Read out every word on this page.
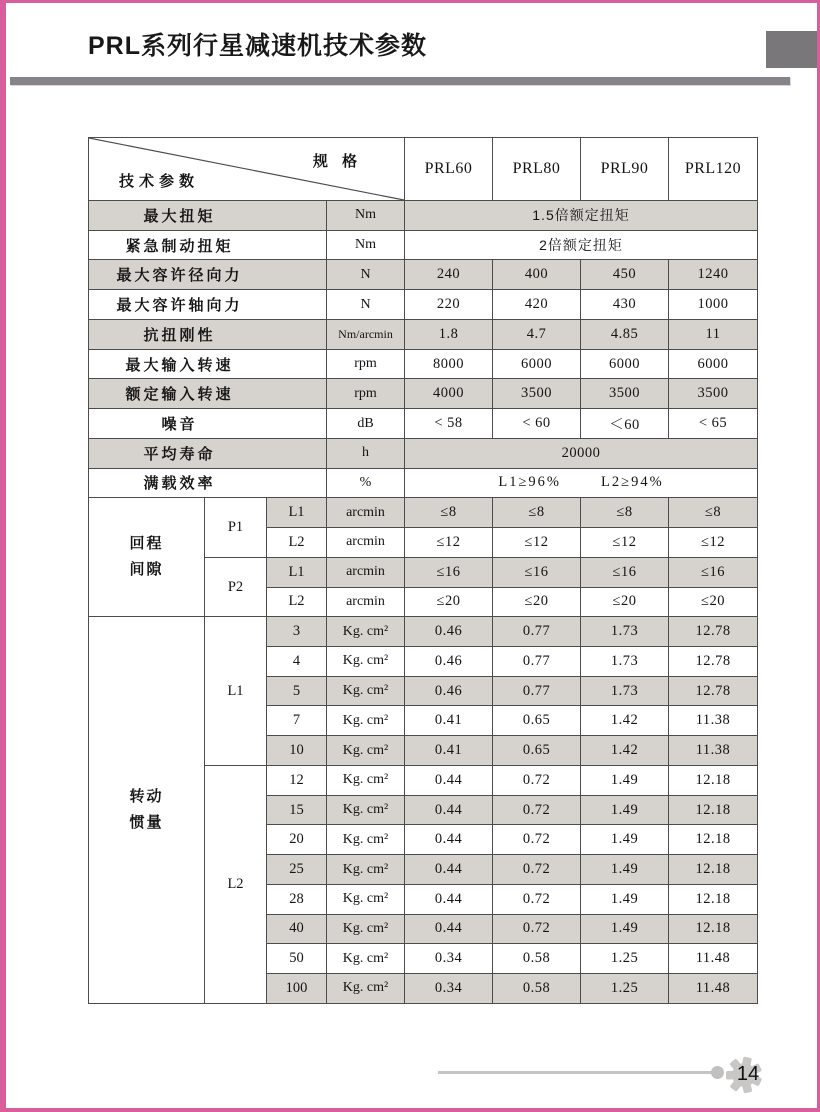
PRL系列行星减速机技术参数
规 格
技术参数				PRL60	PRL80	PRL90	PRL120
最大扭矩			Nm	1.5倍额定扭矩			
紧急制动扭矩			Nm	2倍额定扭矩			
最大容许径向力			N	240	400	450	1240
最大容许轴向力			N	220	420	430	1000
抗扭刚性			Nm/arcmin	1.8	4.7	4.85	11
最大输入转速			rpm	8000	6000	6000	6000
额定输入转速			rpm	4000	3500	3500	3500
噪音			dB	< 58	< 60	＜60	< 65
平均寿命			h	20000			
满载效率			%	L1≥96% L2≥94%			

回程
间隙	P1	L1	arcmin	≤8	≤8	≤8	≤8
		L2	arcmin	≤12	≤12	≤12	≤12
	P2	L1	arcmin	≤16	≤16	≤16	≤16
		L2	arcmin	≤20	≤20	≤20	≤20

转动
惯量	L1	3	Kg. cm²	0.46	0.77	1.73	12.78
		4	Kg. cm²	0.46	0.77	1.73	12.78
		5	Kg. cm²	0.46	0.77	1.73	12.78
		7	Kg. cm²	0.41	0.65	1.42	11.38
		10	Kg. cm²	0.41	0.65	1.42	11.38
	L2	12	Kg. cm²	0.44	0.72	1.49	12.18
		15	Kg. cm²	0.44	0.72	1.49	12.18
		20	Kg. cm²	0.44	0.72	1.49	12.18
		25	Kg. cm²	0.44	0.72	1.49	12.18
		28	Kg. cm²	0.44	0.72	1.49	12.18
		40	Kg. cm²	0.44	0.72	1.49	12.18
		50	Kg. cm²	0.34	0.58	1.25	11.48
		100	Kg. cm²	0.34	0.58	1.25	11.48
14
